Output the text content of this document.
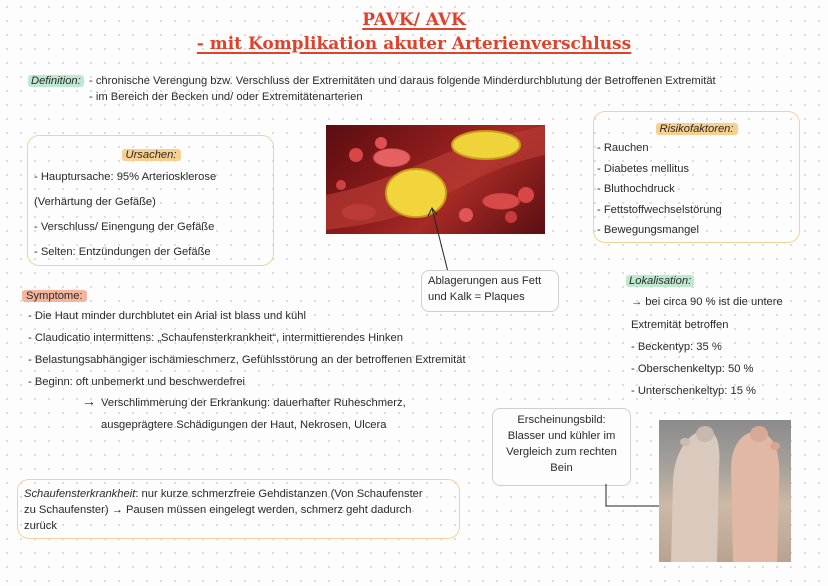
PAVK/ AVK
- mit Komplikation akuter Arterienverschluss
Definition: - chronische Verengung bzw. Verschluss der Extremitäten und daraus folgende Minderdurchblutung der Betroffenen Extremität
- im Bereich der Becken und/ oder Extremitätenarterien
Ursachen:
- Hauptursache: 95% Arteriosklerose
(Verhärtung der Gefäße)
- Verschluss/ Einengung der Gefäße
- Selten: Entzündungen der Gefäße
Ablagerungen aus Fett
und Kalk = Plaques
Risikofaktoren:
- Rauchen
- Diabetes mellitus
- Bluthochdruck
- Fettstoffwechselstörung
- Bewegungsmangel
Symptome:
- Die Haut minder durchblutet ein Arial ist blass und kühl
- Claudicatio intermittens: „Schaufensterkrankheit“, intermittierendes Hinken
- Belastungsabhängiger ischämieschmerz, Gefühlsstörung an der betroffenen Extremität
- Beginn: oft unbemerkt und beschwerdefrei
→ Verschlimmerung der Erkrankung: dauerhafter Ruheschmerz,
ausgeprägtere Schädigungen der Haut, Nekrosen, Ulcera
Lokalisation:
→ bei circa 90 % ist die untere
Extremität betroffen
- Beckentyp: 35 %
- Oberschenkeltyp: 50 %
- Unterschenkeltyp: 15 %
Erscheinungsbild:
Blasser und kühler im
Vergleich zum rechten
Bein
Schaufensterkrankheit: nur kurze schmerzfreie Gehdistanzen (Von Schaufenster
zu Schaufenster) → Pausen müssen eingelegt werden, schmerz geht dadurch
zurück
